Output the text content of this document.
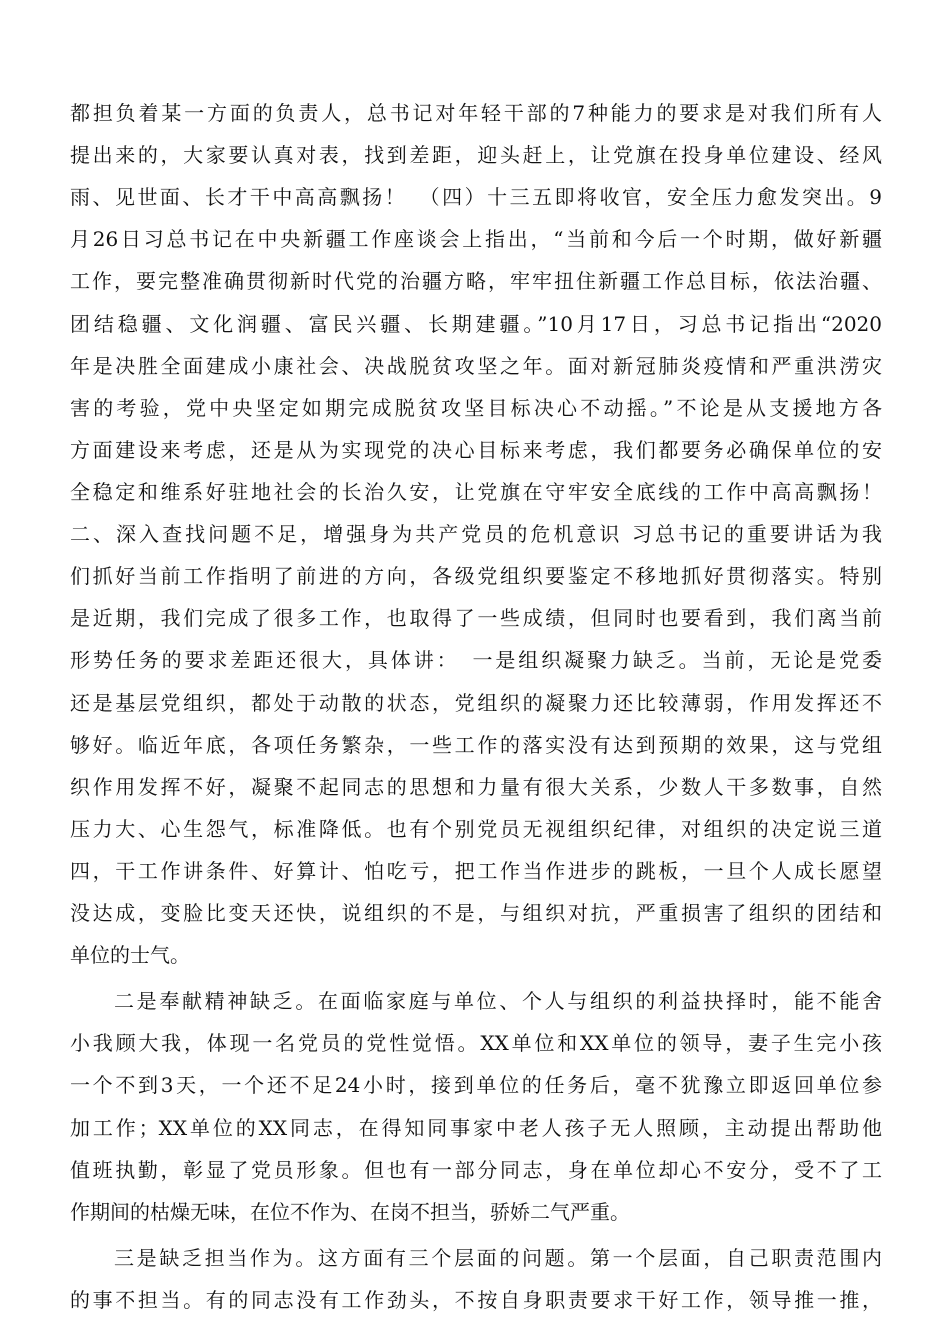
都担负着某一方面的负责人，总书记对年轻干部的7种能力的要求是对我们所有人
提出来的，大家要认真对表，找到差距，迎头赶上，让党旗在投身单位建设、经风
雨、见世面、长才干中高高飘扬！　（四）十三五即将收官，安全压力愈发突出。9
月26日习总书记在中央新疆工作座谈会上指出，“当前和今后一个时期，做好新疆
工作，要完整准确贯彻新时代党的治疆方略，牢牢扭住新疆工作总目标，依法治疆、
团结稳疆、文化润疆、富民兴疆、长期建疆。”10月17日，习总书记指出“2020
年是决胜全面建成小康社会、决战脱贫攻坚之年。面对新冠肺炎疫情和严重洪涝灾
害的考验，党中央坚定如期完成脱贫攻坚目标决心不动摇。”不论是从支援地方各
方面建设来考虑，还是从为实现党的决心目标来考虑，我们都要务必确保单位的安
全稳定和维系好驻地社会的长治久安，让党旗在守牢安全底线的工作中高高飘扬！
二、深入查找问题不足，增强身为共产党员的危机意识 习总书记的重要讲话为我
们抓好当前工作指明了前进的方向，各级党组织要鉴定不移地抓好贯彻落实。特别
是近期，我们完成了很多工作，也取得了一些成绩，但同时也要看到，我们离当前
形势任务的要求差距还很大，具体讲：　一是组织凝聚力缺乏。当前，无论是党委
还是基层党组织，都处于动散的状态，党组织的凝聚力还比较薄弱，作用发挥还不
够好。临近年底，各项任务繁杂，一些工作的落实没有达到预期的效果，这与党组
织作用发挥不好，凝聚不起同志的思想和力量有很大关系，少数人干多数事，自然
压力大、心生怨气，标准降低。也有个别党员无视组织纪律，对组织的决定说三道
四，干工作讲条件、好算计、怕吃亏，把工作当作进步的跳板，一旦个人成长愿望
没达成，变脸比变天还快，说组织的不是，与组织对抗，严重损害了组织的团结和
单位的士气。
二是奉献精神缺乏。在面临家庭与单位、个人与组织的利益抉择时，能不能舍
小我顾大我，体现一名党员的党性觉悟。XX单位和XX单位的领导，妻子生完小孩
一个不到3天，一个还不足24小时，接到单位的任务后，毫不犹豫立即返回单位参
加工作；XX单位的XX同志，在得知同事家中老人孩子无人照顾，主动提出帮助他
值班执勤，彰显了党员形象。但也有一部分同志，身在单位却心不安分，受不了工
作期间的枯燥无味，在位不作为、在岗不担当，骄娇二气严重。
三是缺乏担当作为。这方面有三个层面的问题。第一个层面，自己职责范围内
的事不担当。有的同志没有工作劲头，不按自身职责要求干好工作，领导推一推，
